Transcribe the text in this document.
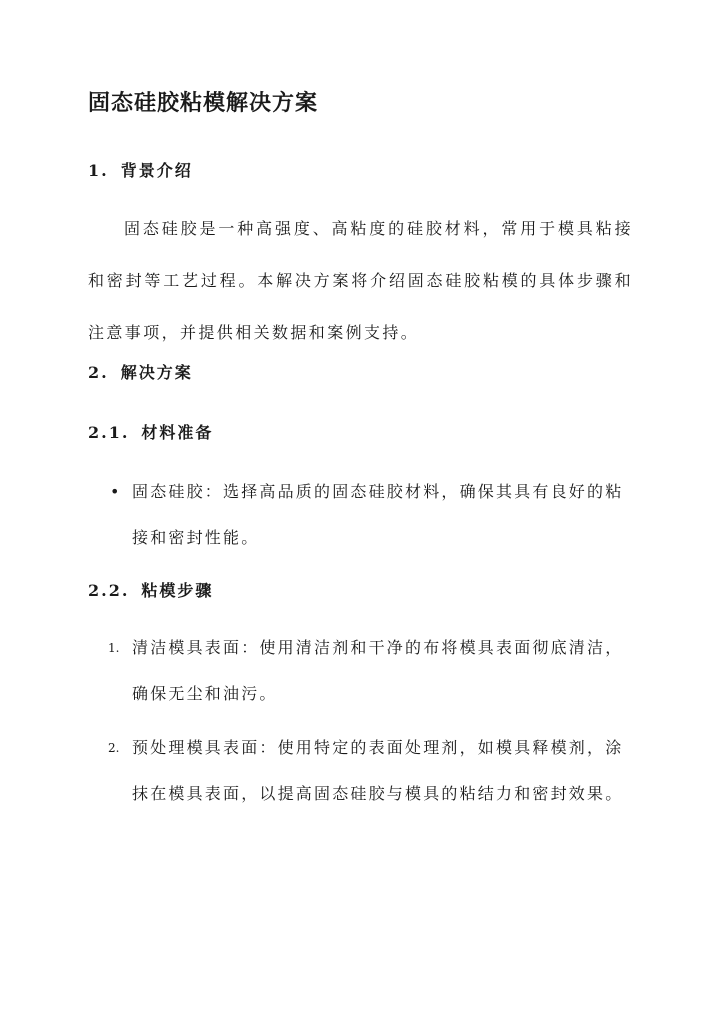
固态硅胶粘模解决方案
1. 背景介绍

固态硅胶是一种高强度、高粘度的硅胶材料，常用于模具粘接和密封等工艺过程。本解决方案将介绍固态硅胶粘模的具体步骤和注意事项，并提供相关数据和案例支持。

2. 解决方案
2.1. 材料准备
• 固态硅胶：选择高品质的固态硅胶材料，确保其具有良好的粘接和密封性能。
2.2. 粘模步骤
1. 清洁模具表面：使用清洁剂和干净的布将模具表面彻底清洁，确保无尘和油污。
2. 预处理模具表面：使用特定的表面处理剂，如模具释模剂，涂抹在模具表面，以提高固态硅胶与模具的粘结力和密封效果。
